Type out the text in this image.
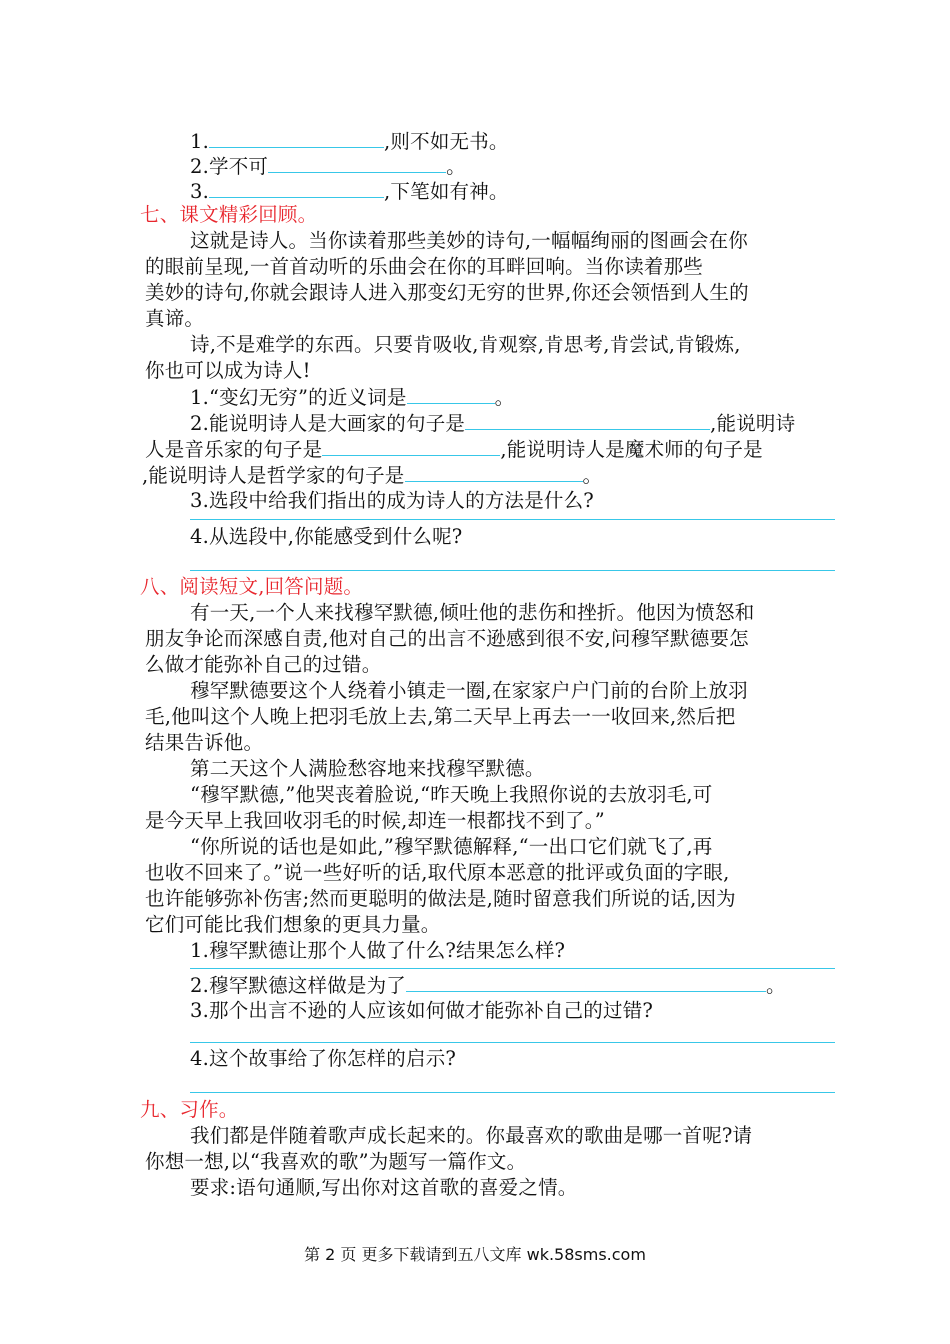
1.	,则不如无书。
2.学不可	。
3.	,下笔如有神。
七、课文精彩回顾。
这就是诗人。当你读着那些美妙的诗句,一幅幅绚丽的图画会在你
的眼前呈现,一首首动听的乐曲会在你的耳畔回响。当你读着那些
美妙的诗句,你就会跟诗人进入那变幻无穷的世界,你还会领悟到人生的
真谛。
诗,不是难学的东西。只要肯吸收,肯观察,肯思考,肯尝试,肯锻炼,
你也可以成为诗人!
1.“变幻无穷”的近义词是	。
2.能说明诗人是大画家的句子是	,能说明诗
人是音乐家的句子是	,能说明诗人是魔术师的句子是
,能说明诗人是哲学家的句子是	。
3.选段中给我们指出的成为诗人的方法是什么?
4.从选段中,你能感受到什么呢?
八、阅读短文,回答问题。
有一天,一个人来找穆罕默德,倾吐他的悲伤和挫折。他因为愤怒和
朋友争论而深感自责,他对自己的出言不逊感到很不安,问穆罕默德要怎
么做才能弥补自己的过错。
穆罕默德要这个人绕着小镇走一圈,在家家户户门前的台阶上放羽
毛,他叫这个人晚上把羽毛放上去,第二天早上再去一一收回来,然后把
结果告诉他。
第二天这个人满脸愁容地来找穆罕默德。
“穆罕默德,”他哭丧着脸说,“昨天晚上我照你说的去放羽毛,可
是今天早上我回收羽毛的时候,却连一根都找不到了。”
“你所说的话也是如此,”穆罕默德解释,“一出口它们就飞了,再
也收不回来了。”说一些好听的话,取代原本恶意的批评或负面的字眼,
也许能够弥补伤害;然而更聪明的做法是,随时留意我们所说的话,因为
它们可能比我们想象的更具力量。
1.穆罕默德让那个人做了什么?结果怎么样?
2.穆罕默德这样做是为了	。
3.那个出言不逊的人应该如何做才能弥补自己的过错?
4.这个故事给了你怎样的启示?
九、习作。
我们都是伴随着歌声成长起来的。你最喜欢的歌曲是哪一首呢?请
你想一想,以“我喜欢的歌”为题写一篇作文。
要求:语句通顺,写出你对这首歌的喜爱之情。
第 2 页 更多下载请到五八文库 wk.58sms.com
